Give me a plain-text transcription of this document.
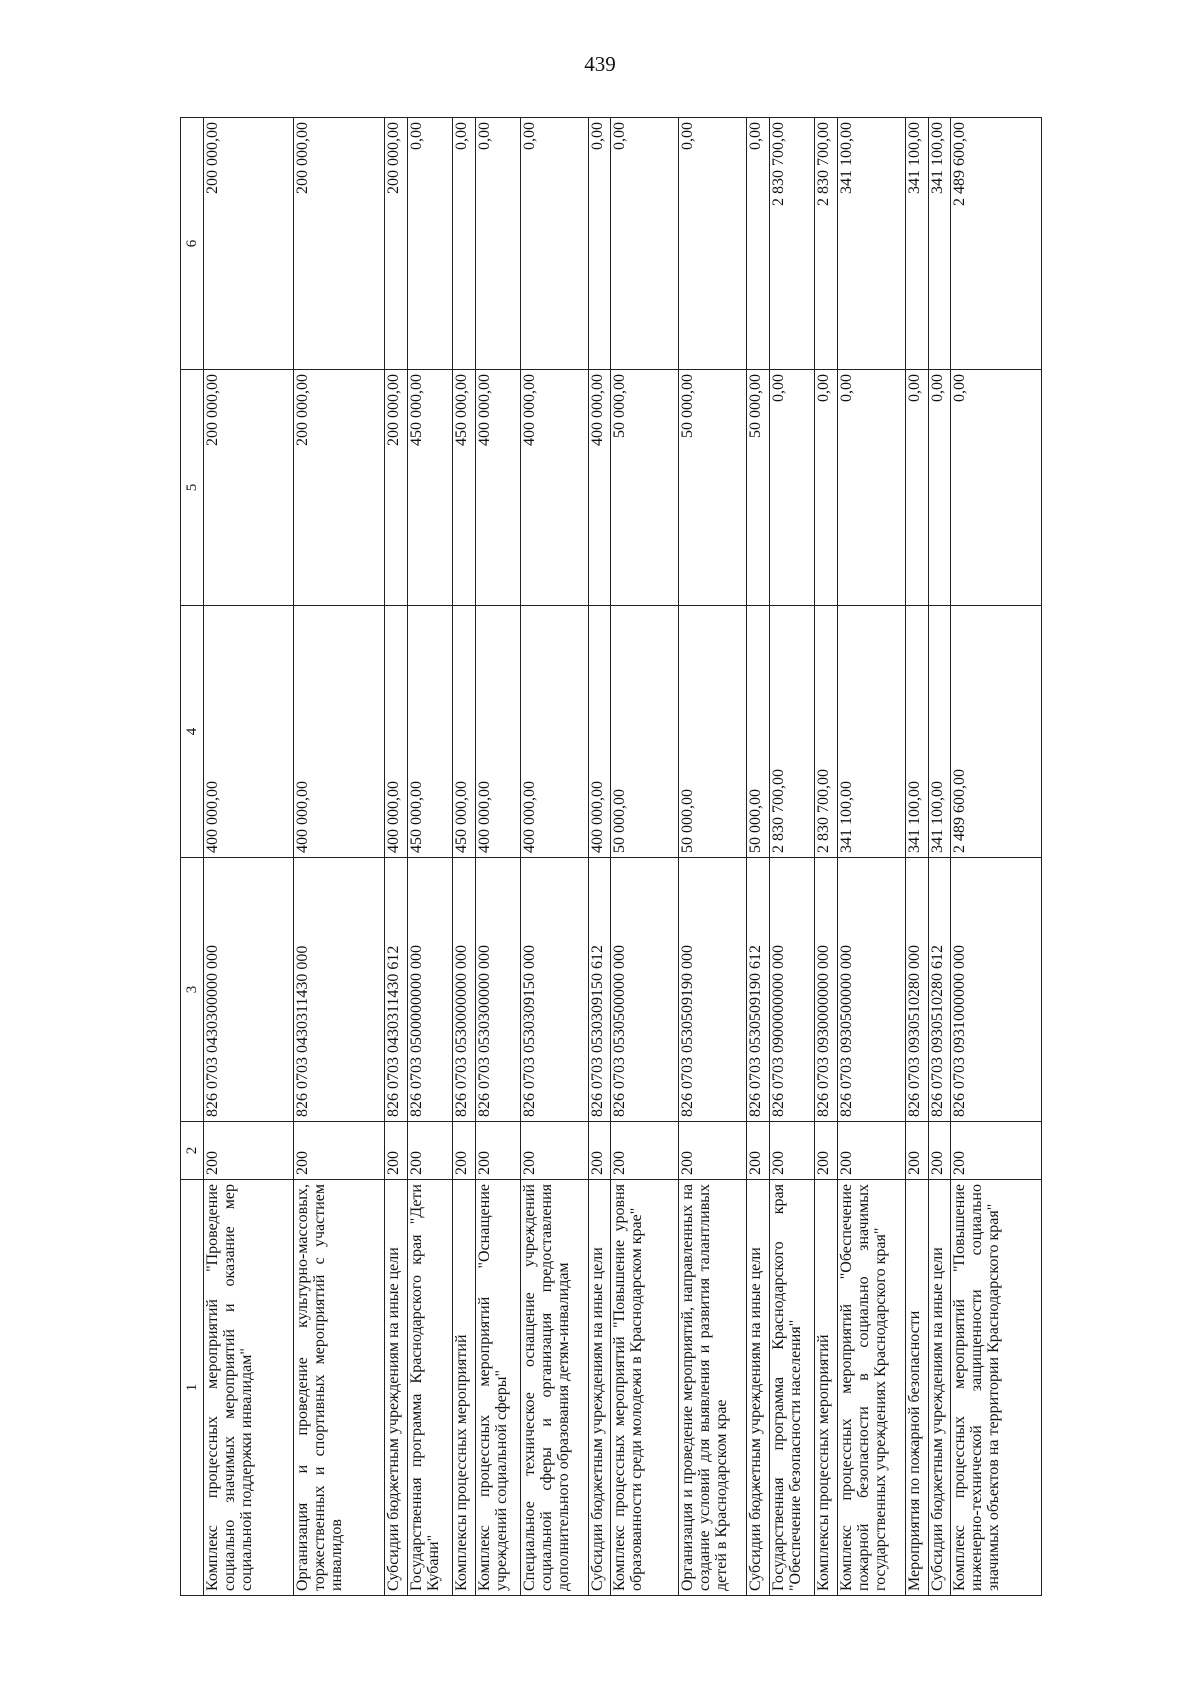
439
1	2	3	4	5	6
Комплекс процессных мероприятий "Проведение социально значимых мероприятий и оказание мер социальной поддержки инвалидам"	200	826 0703 0430300000 000	400 000,00	200 000,00	200 000,00
Организация и проведение культурно-массовых, торжественных и спортивных мероприятий с участием инвалидов	200	826 0703 0430311430 000	400 000,00	200 000,00	200 000,00
Субсидии бюджетным учреждениям на иные цели	200	826 0703 0430311430 612	400 000,00	200 000,00	200 000,00
Государственная программа Краснодарского края "Дети Кубани"	200	826 0703 0500000000 000	450 000,00	450 000,00	0,00
Комплексы процессных мероприятий	200	826 0703 0530000000 000	450 000,00	450 000,00	0,00
Комплекс процессных мероприятий "Оснащение учреждений социальной сферы"	200	826 0703 0530300000 000	400 000,00	400 000,00	0,00
Специальное техническое оснащение учреждений социальной сферы и организация предоставления дополнительного образования детям-инвалидам	200	826 0703 0530309150 000	400 000,00	400 000,00	0,00
Субсидии бюджетным учреждениям на иные цели	200	826 0703 0530309150 612	400 000,00	400 000,00	0,00
Комплекс процессных мероприятий "Повышение уровня образованности среди молодежи в Краснодарском крае"	200	826 0703 0530500000 000	50 000,00	50 000,00	0,00
Организация и проведение мероприятий, направленных на создание условий для выявления и развития талантливых детей в Краснодарском крае	200	826 0703 0530509190 000	50 000,00	50 000,00	0,00
Субсидии бюджетным учреждениям на иные цели	200	826 0703 0530509190 612	50 000,00	50 000,00	0,00
Государственная программа Краснодарского края "Обеспечение безопасности населения"	200	826 0703 0900000000 000	2 830 700,00	0,00	2 830 700,00
Комплексы процессных мероприятий	200	826 0703 0930000000 000	2 830 700,00	0,00	2 830 700,00
Комплекс процессных мероприятий "Обеспечение пожарной безопасности в социально значимых государственных учреждениях Краснодарского края"	200	826 0703 0930500000 000	341 100,00	0,00	341 100,00
Мероприятия по пожарной безопасности	200	826 0703 0930510280 000	341 100,00	0,00	341 100,00
Субсидии бюджетным учреждениям на иные цели	200	826 0703 0930510280 612	341 100,00	0,00	341 100,00
Комплекс процессных мероприятий "Повышение инженерно-технической защищенности социально значимых объектов на территории Краснодарского края"	200	826 0703 0931000000 000	2 489 600,00	0,00	2 489 600,00
